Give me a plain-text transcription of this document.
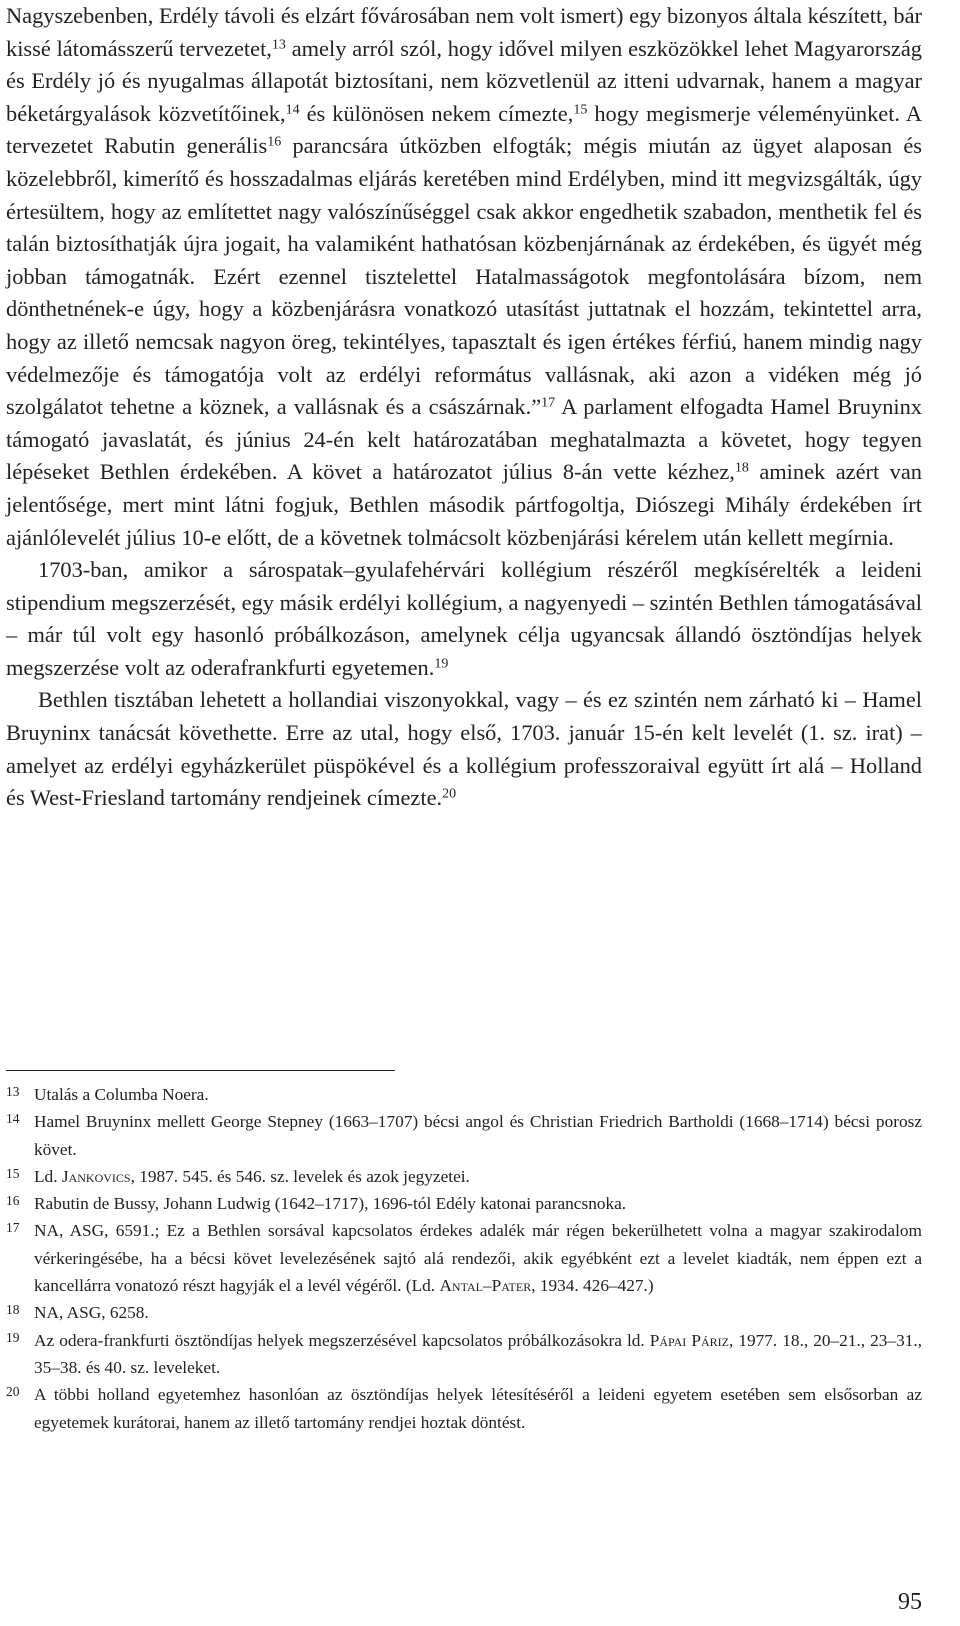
Nagyszebenben, Erdély távoli és elzárt fővárosában nem volt ismert) egy bizonyos általa készített, bár kissé látomásszerű tervezetet,$^{13}$ amely arról szól, hogy idővel milyen eszközökkel lehet Magyarország és Erdély jó és nyugalmas állapotát biztosítani, nem közvetlenül az itteni udvarnak, hanem a magyar béketárgyalások közvetítőinek,$^{14}$ és különösen nekem címezte,$^{15}$ hogy megismerje véleményünket. A tervezetet Rabutin generális$^{16}$ parancsára útközben elfogták; mégis miután az ügyet alaposan és közelebbről, kimerítő és hosszadalmas eljárás keretében mind Erdélyben, mind itt megvizsgálták, úgy értesültem, hogy az említettet nagy valószínűséggel csak akkor engedhetik szabadon, menthetik fel és talán biztosíthatják újra jogait, ha valamiként hathatósan közbenjárnának az érdekében, és ügyét még jobban támogatnák. Ezért ezennel tisztelettel Hatalmasságotok megfontolására bízom, nem dönthetnének-e úgy, hogy a közbenjárásra vonatkozó utasítást juttatnak el hozzám, tekintettel arra, hogy az illető nemcsak nagyon öreg, tekintélyes, tapasztalt és igen értékes férfiú, hanem mindig nagy védelmezője és támogatója volt az erdélyi református vallásnak, aki azon a vidéken még jó szolgálatot tehetne a köznek, a vallásnak és a császárnak.”$^{17}$ A parlament elfogadta Hamel Bruyninx támogató javaslatát, és június 24-én kelt határozatában meghatalmazta a követet, hogy tegyen lépéseket Bethlen érdekében. A követ a határozatot július 8-án vette kézhez,$^{18}$ aminek azért van jelentősége, mert mint látni fogjuk, Bethlen második pártfogoltja, Diószegi Mihály érdekében írt ajánlólevelét július 10-e előtt, de a követnek tolmácsolt közbenjárási kérelem után kellett megírnia.

1703-ban, amikor a sárospatak–gyulafehérvári kollégium részéről megkísérelték a leideni stipendium megszerzését, egy másik erdélyi kollégium, a nagyenyedi – szintén Bethlen támogatásával – már túl volt egy hasonló próbálkozáson, amelynek célja ugyancsak állandó ösztöndíjas helyek megszerzése volt az oderafrankfurti egyetemen.$^{19}$

Bethlen tisztában lehetett a hollandiai viszonyokkal, vagy – és ez szintén nem zárható ki – Hamel Bruyninx tanácsát követhette. Erre az utal, hogy első, 1703. január 15-én kelt levelét (1. sz. irat) – amelyet az erdélyi egyházkerület püspökével és a kollégium professzoraival együtt írt alá – Holland és West-Friesland tartomány rendjeinek címezte.$^{20}$

13 Utalás a Columba Noera.
14 Hamel Bruyninx mellett George Stepney (1663–1707) bécsi angol és Christian Friedrich Bartholdi (1668–1714) bécsi porosz követ.
15 Ld. Jankovics, 1987. 545. és 546. sz. levelek és azok jegyzetei.
16 Rabutin de Bussy, Johann Ludwig (1642–1717), 1696-tól Edély katonai parancsnoka.
17 NA, ASG, 6591.; Ez a Bethlen sorsával kapcsolatos érdekes adalék már régen bekerülhetett volna a magyar szakirodalom vérkeringésébe, ha a bécsi követ levelezésének sajtó alá rendezői, akik egyébként ezt a levelet kiadták, nem éppen ezt a kancellárra vonatozó részt hagyják el a levél végéről. (Ld. Antal–Pater, 1934. 426–427.)
18 NA, ASG, 6258.
19 Az odera-frankfurti ösztöndíjas helyek megszerzésével kapcsolatos próbálkozásokra ld. Pápai Páriz, 1977. 18., 20–21., 23–31., 35–38. és 40. sz. leveleket.
20 A többi holland egyetemhez hasonlóan az ösztöndíjas helyek létesítéséről a leideni egyetem esetében sem elsősorban az egyetemek kurátorai, hanem az illető tartomány rendjei hoztak döntést.
95
